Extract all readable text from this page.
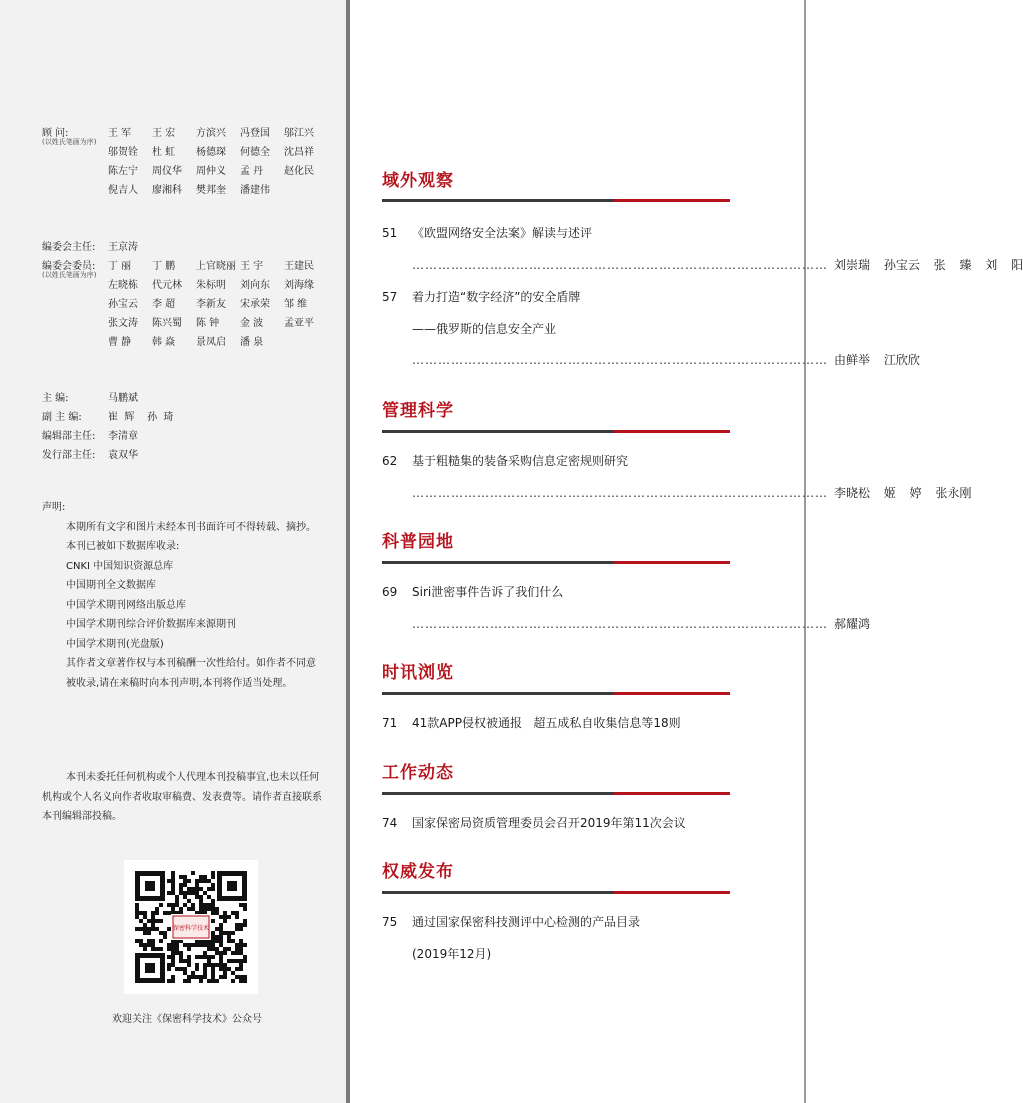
顾 问:	王 军	王 宏	方滨兴	冯登国	邬江兴
(以姓氏笔画为序)
邬贺铨	杜 虹	杨德琛	何德全	沈昌祥
陈左宁	周仪华	周仲义	孟 丹	赵化民
倪吉人	廖湘科	樊邦奎	潘建伟
编委会主任:	王京涛
编委会委员:	丁 丽	丁 鹏	上官晓丽 王 宇	王建民
(以姓氏笔画为序)
左晓栋	代元林	朱标明	刘向东	刘海缘
孙宝云	李 超	李新友	宋承荣	邹 维
张文涛	陈兴蜀	陈 钟	金 波	孟亚平
曹 静	韩 焱	景凤启	潘 泉
主 编:	马鹏斌
副 主 编:	崔  辉    孙  琦
编辑部主任:	李清章
发行部主任:	袁双华

声明:

本期所有文字和图片未经本刊书面许可不得转载、摘抄。

本刊已被如下数据库收录:

CNKI 中国知识资源总库

中国期刊全文数据库

中国学术期刊网络出版总库

中国学术期刊综合评价数据库来源期刊

中国学术期刊(光盘版)

其作者文章著作权与本刊稿酬一次性给付。如作者不同意被收录,请在来稿时向本刊声明,本刊将作适当处理。

本刊未委托任何机构或个人代理本刊投稿事宜,也未以任何机构或个人名义向作者收取审稿费、发表费等。请作者直接联系本刊编辑部投稿。

保密科学技术
欢迎关注《保密科学技术》公众号
域外观察
51 《欧盟网络安全法案》解读与述评
…………………………………………………………………………………… 刘崇瑞 孙宝云 张 臻 刘 阳
57 着力打造“数字经济”的安全盾牌
——俄罗斯的信息安全产业
…………………………………………………………………………………… 由鲜举 江欣欣
管理科学
62 基于粗糙集的装备采购信息定密规则研究
…………………………………………………………………………………… 李晓松 姬 婷 张永刚
科普园地
69 Siri泄密事件告诉了我们什么
…………………………………………………………………………………… 郝耀鸿
时讯浏览
71 41款APP侵权被通报   超五成私自收集信息等18则
工作动态
74 国家保密局资质管理委员会召开2019年第11次会议
权威发布
75 通过国家保密科技测评中心检测的产品目录
(2019年12月)
